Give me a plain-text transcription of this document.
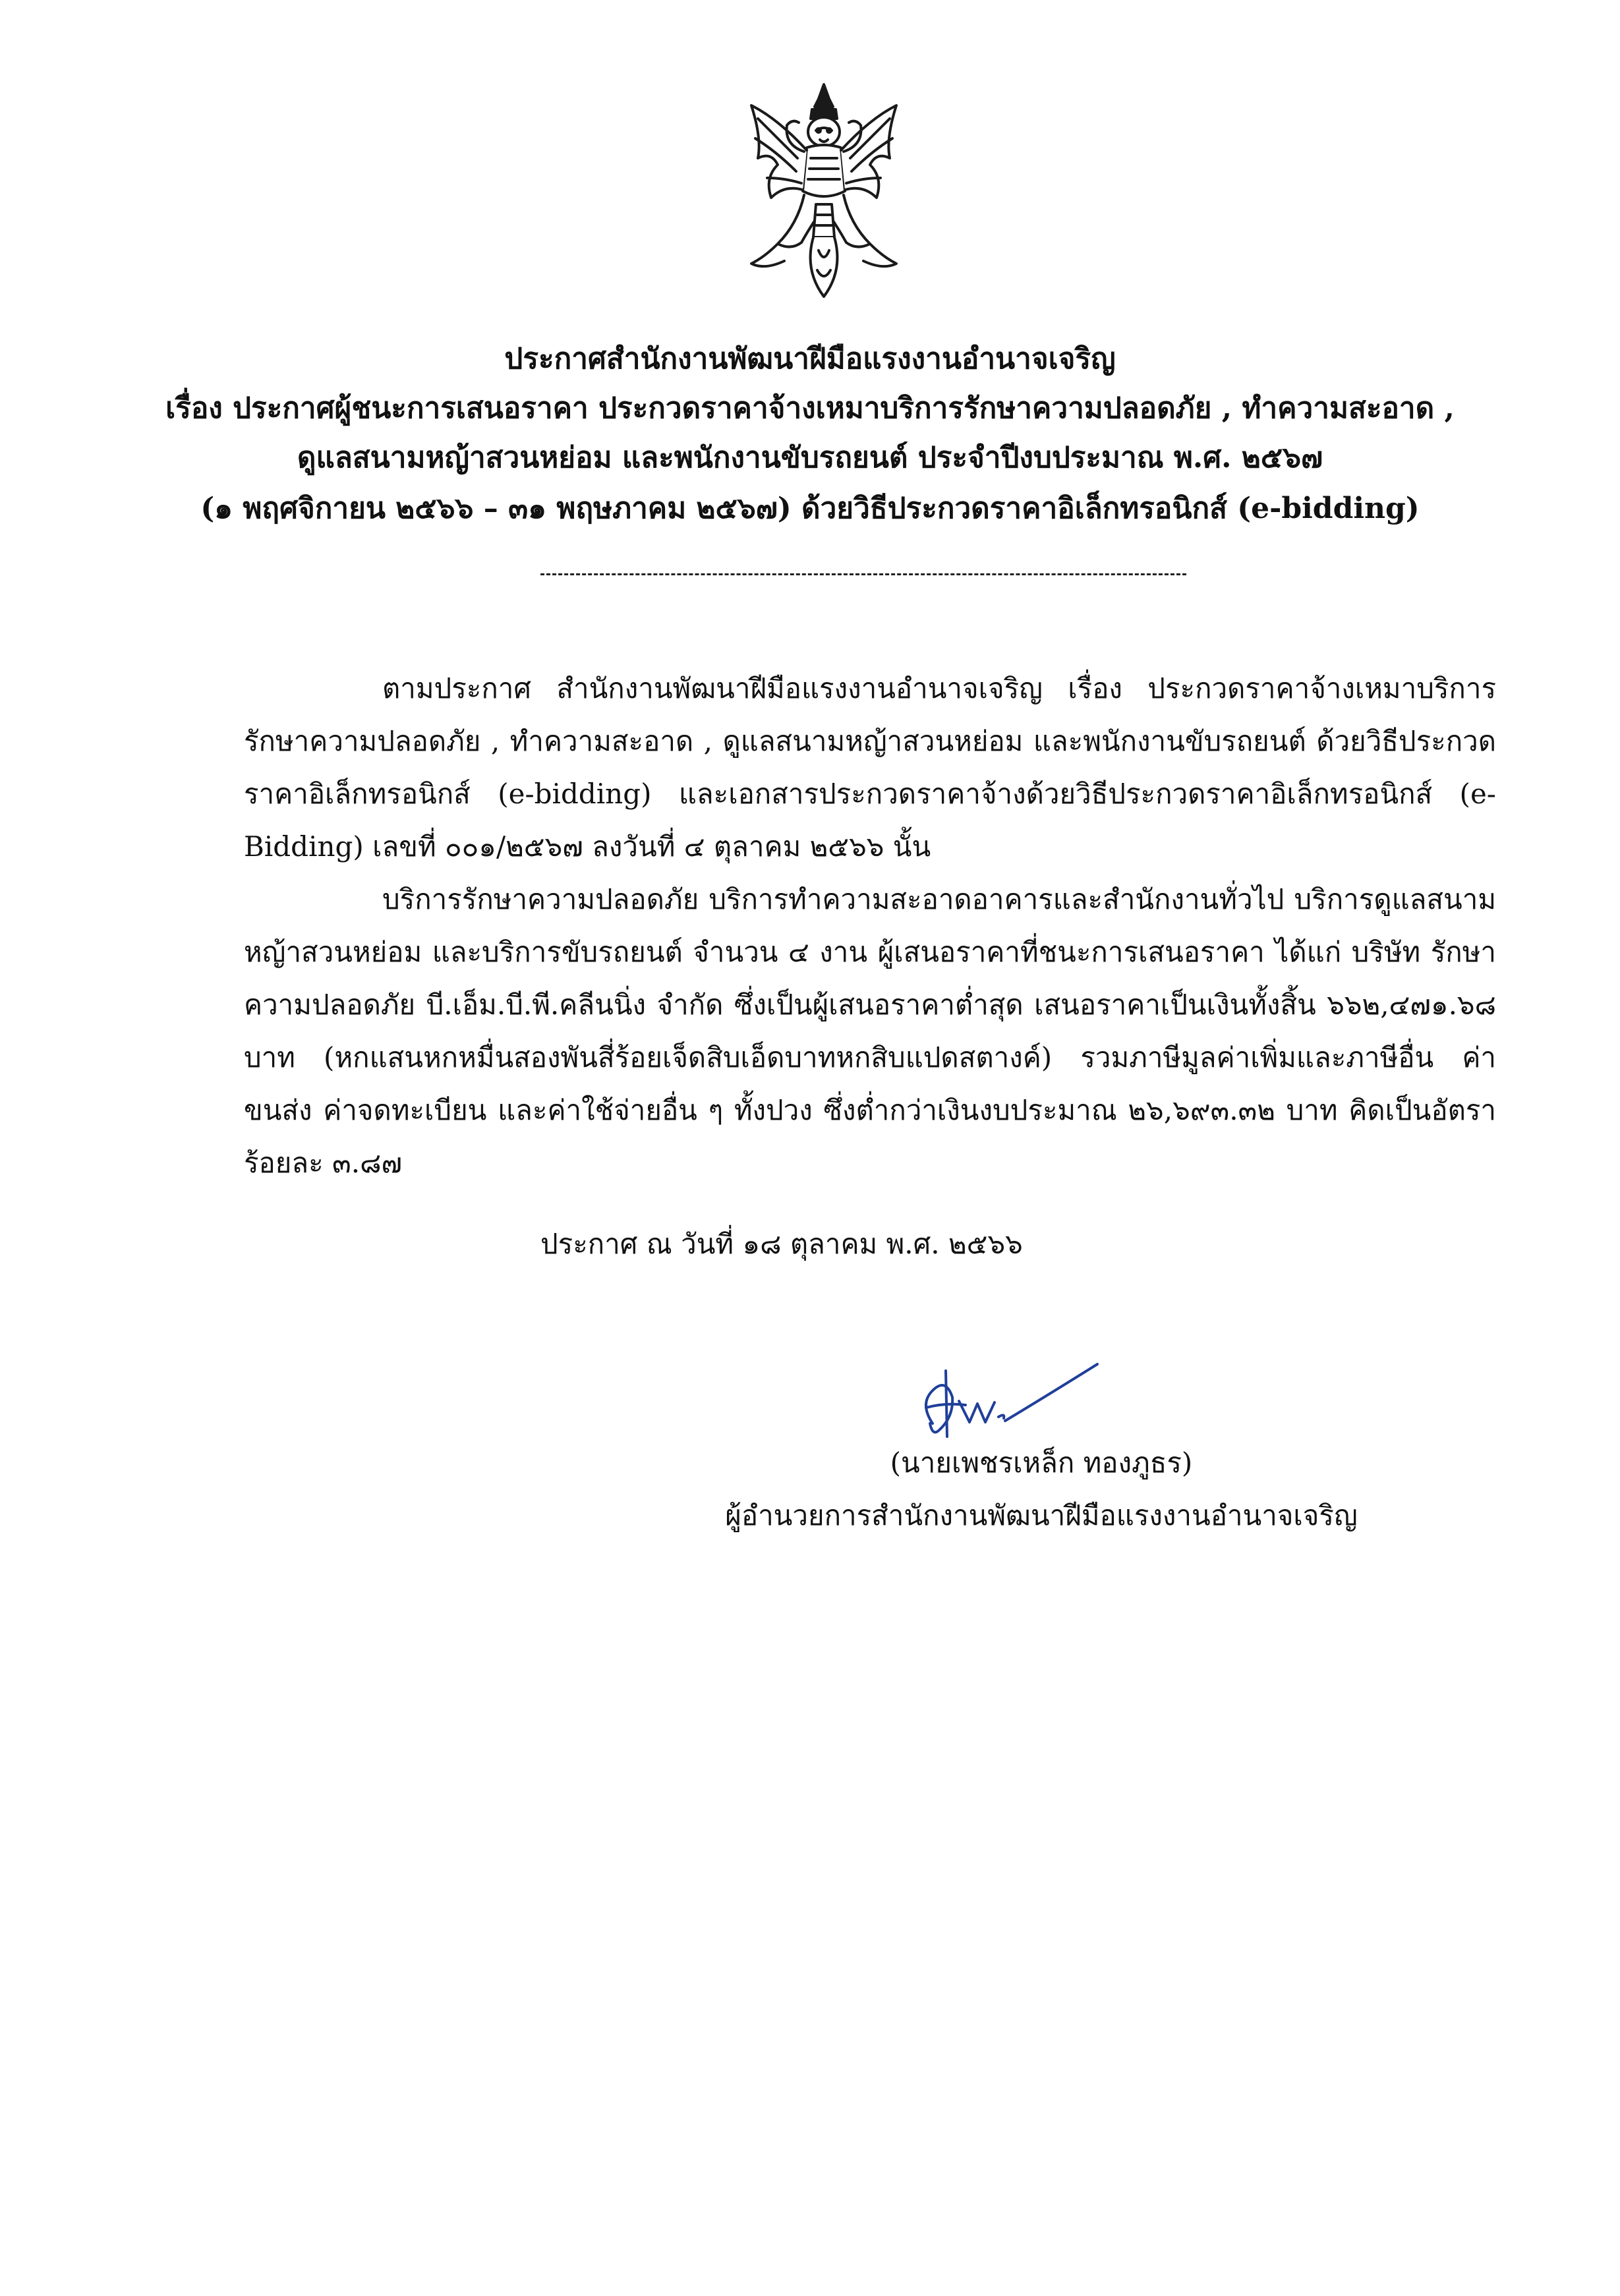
ประกาศสำนักงานพัฒนาฝีมือแรงงานอำนาจเจริญ
เรื่อง ประกาศผู้ชนะการเสนอราคา ประกวดราคาจ้างเหมาบริการรักษาความปลอดภัย , ทำความสะอาด ,
ดูแลสนามหญ้าสวนหย่อม และพนักงานขับรถยนต์ ประจำปีงบประมาณ พ.ศ. ๒๕๖๗
(๑ พฤศจิกายน ๒๕๖๖ – ๓๑ พฤษภาคม ๒๕๖๗) ด้วยวิธีประกวดราคาอิเล็กทรอนิกส์ (e-bidding)
ตามประกาศ สำนักงานพัฒนาฝีมือแรงงานอำนาจเจริญ เรื่อง ประกวดราคาจ้างเหมาบริการรักษาความปลอดภัย , ทำความสะอาด , ดูแลสนามหญ้าสวนหย่อม และพนักงานขับรถยนต์ ด้วยวิธีประกวดราคาอิเล็กทรอนิกส์ (e-bidding) และเอกสารประกวดราคาจ้างด้วยวิธีประกวดราคาอิเล็กทรอนิกส์ (e-Bidding) เลขที่ ๐๐๑/๒๕๖๗ ลงวันที่ ๔ ตุลาคม ๒๕๖๖ นั้น
บริการรักษาความปลอดภัย บริการทำความสะอาดอาคารและสำนักงานทั่วไป บริการดูแลสนามหญ้าสวนหย่อม และบริการขับรถยนต์ จำนวน ๔ งาน ผู้เสนอราคาที่ชนะการเสนอราคา ได้แก่ บริษัท รักษาความปลอดภัย บี.เอ็ม.บี.พี.คลีนนิ่ง จำกัด ซึ่งเป็นผู้เสนอราคาต่ำสุด เสนอราคาเป็นเงินทั้งสิ้น ๖๖๒,๔๗๑.๖๘ บาท (หกแสนหกหมื่นสองพันสี่ร้อยเจ็ดสิบเอ็ดบาทหกสิบแปดสตางค์) รวมภาษีมูลค่าเพิ่มและภาษีอื่น ค่าขนส่ง ค่าจดทะเบียน และค่าใช้จ่ายอื่น ๆ ทั้งปวง ซึ่งต่ำกว่าเงินงบประมาณ ๒๖,๖๙๓.๓๒ บาท คิดเป็นอัตราร้อยละ ๓.๘๗
ประกาศ ณ วันที่ ๑๘ ตุลาคม พ.ศ. ๒๕๖๖
(นายเพชรเหล็ก ทองภูธร)
ผู้อำนวยการสำนักงานพัฒนาฝีมือแรงงานอำนาจเจริญ
